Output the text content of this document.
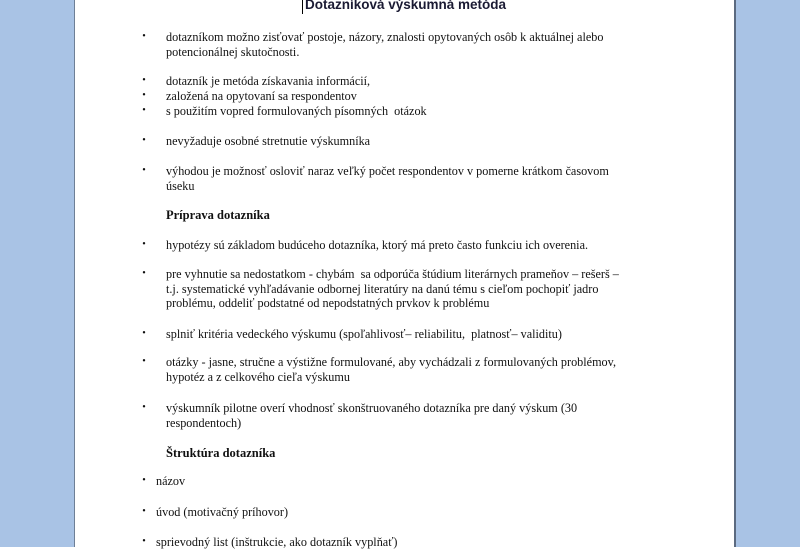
Dotazníková výskumná metóda
• dotazníkom možno zisťovať postoje, názory, znalosti opytovaných osôb k aktuálnej alebo
potencionálnej skutočnosti.
• dotazník je metóda získavania informácií,
• založená na opytovaní sa respondentov
• s použitím vopred formulovaných písomných  otázok
• nevyžaduje osobné stretnutie výskumníka
• výhodou je možnosť osloviť naraz veľký počet respondentov v pomerne krátkom časovom
úseku
Príprava dotazníka
• hypotézy sú základom budúceho dotazníka, ktorý má preto často funkciu ich overenia.
• pre vyhnutie sa nedostatkom - chybám  sa odporúča štúdium literárnych prameňov – rešerš –
t.j. systematické vyhľadávanie odbornej literatúry na danú tému s cieľom pochopiť jadro
problému, oddeliť podstatné od nepodstatných prvkov k problému
• splniť kritéria vedeckého výskumu (spoľahlivosť– reliabilitu,  platnosť– validitu)
• otázky - jasne, stručne a výstižne formulované, aby vychádzali z formulovaných problémov,
hypotéz a z celkového cieľa výskumu
• výskumník pilotne overí vhodnosť skonštruovaného dotazníka pre daný výskum (30
respondentoch)
Štruktúra dotazníka
• názov
• úvod (motivačný príhovor)
• sprievodný list (inštrukcie, ako dotazník vyplňať)
